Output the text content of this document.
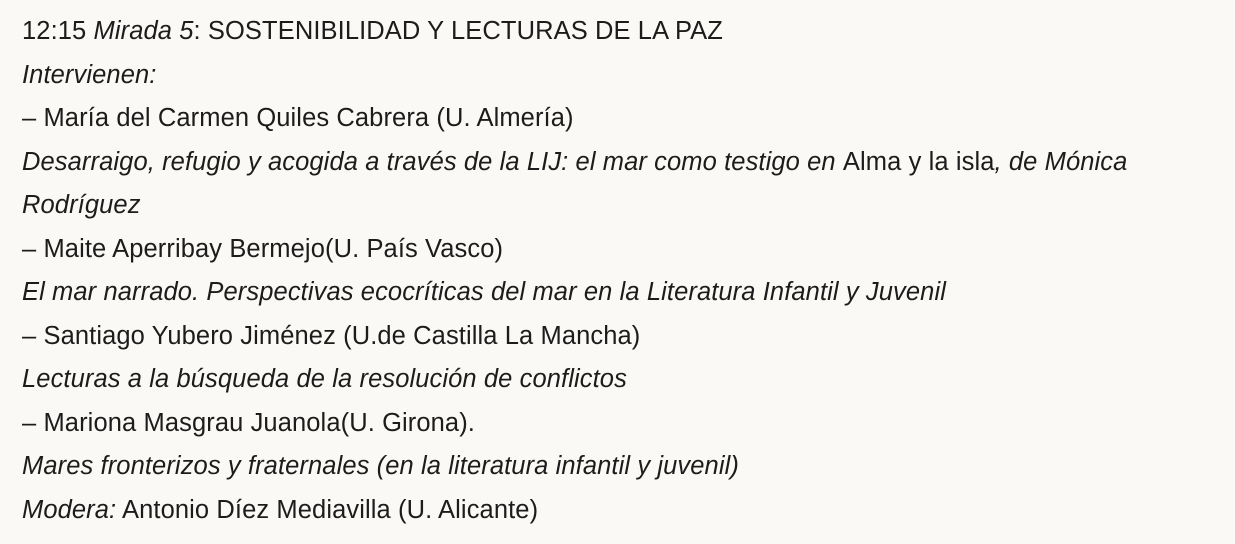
12:15 Mirada 5: SOSTENIBILIDAD Y LECTURAS DE LA PAZ
Intervienen:
– María del Carmen Quiles Cabrera (U. Almería)
Desarraigo, refugio y acogida a través de la LIJ: el mar como testigo en Alma y la isla, de Mónica Rodríguez
– Maite Aperribay Bermejo(U. País Vasco)
El mar narrado. Perspectivas ecocríticas del mar en la Literatura Infantil y Juvenil
– Santiago Yubero Jiménez (U.de Castilla La Mancha)
Lecturas a la búsqueda de la resolución de conflictos
– Mariona Masgrau Juanola(U. Girona).
Mares fronterizos y fraternales (en la literatura infantil y juvenil)
Modera: Antonio Díez Mediavilla (U. Alicante)
